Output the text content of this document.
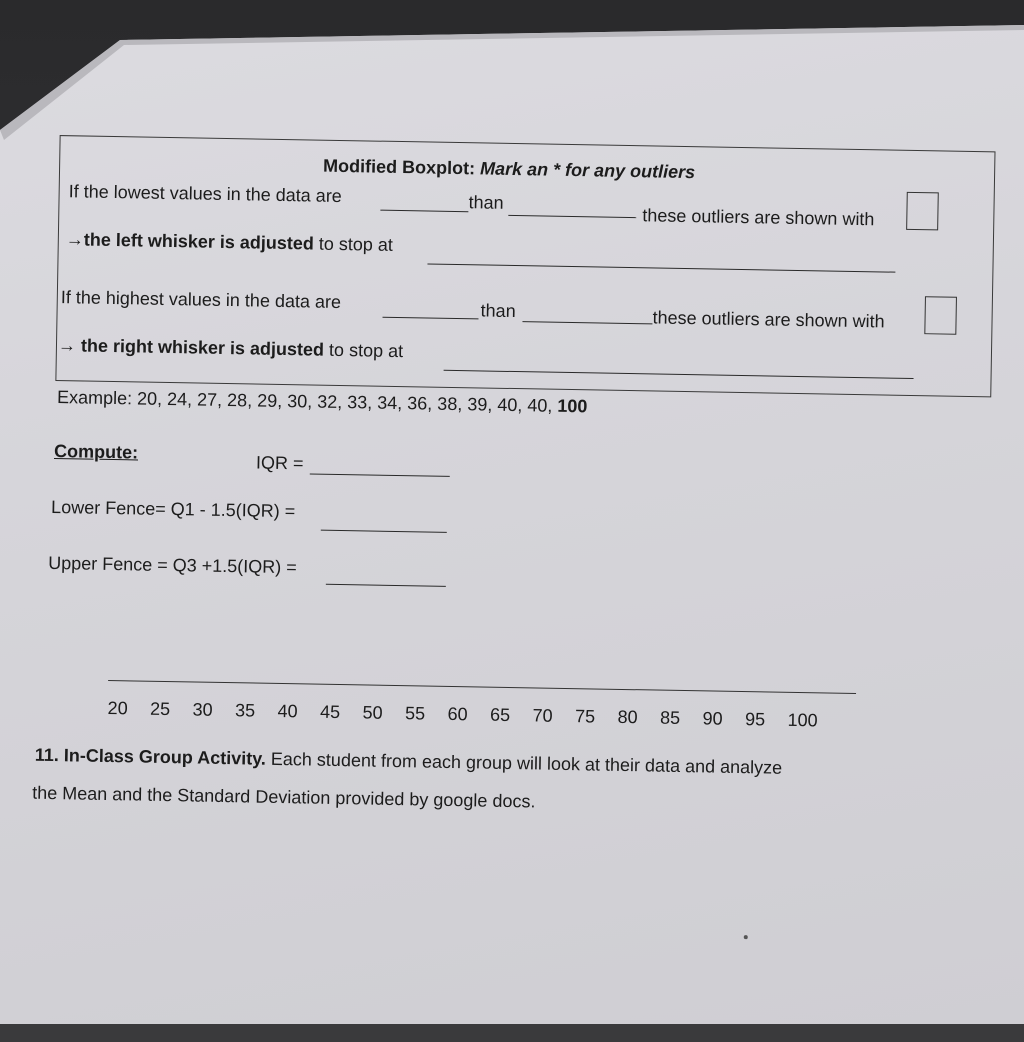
Modified Boxplot: Mark an * for any outliers
If the lowest values in the data are	than
these outliers are shown with
→the left whisker is adjusted to stop at
If the highest values in the data are	than	these outliers are shown with
→ the right whisker is adjusted to stop at
Example: 20, 24, 27, 28, 29, 30, 32, 33, 34, 36, 38, 39, 40, 40, 100
Compute:
IQR =
Lower Fence= Q1 - 1.5(IQR) =
Upper Fence = Q3 +1.5(IQR) =
20 25 30 35 40 45 50 55 60 65 70 75 80 85 90 95 100
11. In-Class Group Activity. Each student from each group will look at their data and analyze
the Mean and the Standard Deviation provided by google docs.
